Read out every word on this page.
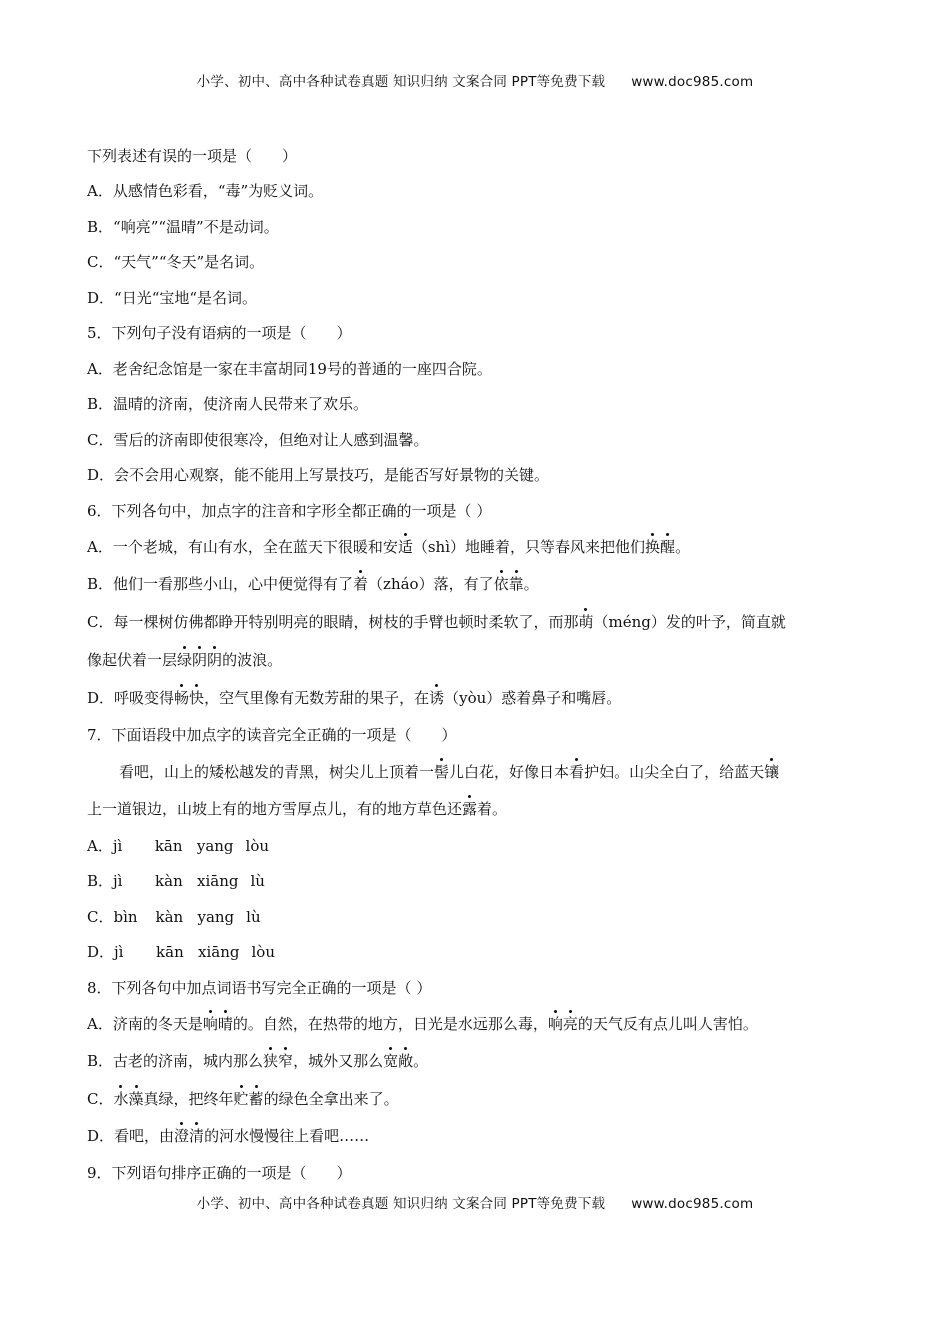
小学、初中、高中各种试卷真题 知识归纳 文案合同 PPT等免费下载 www.doc985.com
下列表述有误的一项是（　　）
A．从感情色彩看，“毒”为贬义词。
B．“响亮”“温晴”不是动词。
C．“天气”“冬天”是名词。
D．“日光“宝地“是名词。
5．下列句子没有语病的一项是（　　）
A．老舍纪念馆是一家在丰富胡同19号的普通的一座四合院。
B．温晴的济南，使济南人民带来了欢乐。
C．雪后的济南即使很寒冷，但绝对让人感到温馨。
D．会不会用心观察，能不能用上写景技巧，是能否写好景物的关键。
6．下列各句中，加点字的注音和字形全都正确的一项是（ ）
A．一个老城，有山有水，全在蓝天下很暖和安适（shì）地睡着，只等春风来把他们换醒。
B．他们一看那些小山，心中便觉得有了着（zháo）落，有了依靠。
C．每一棵树仿佛都睁开特别明亮的眼睛，树枝的手臂也顿时柔软了，而那萌（méng）发的叶予，简直就
像起伏着一层绿阴阴的波浪。
D．呼吸变得畅快，空气里像有无数芳甜的果子，在诱（yòu）惑着鼻子和嘴唇。
7．下面语段中加点字的读音完全正确的一项是（　　）
看吧，山上的矮松越发的青黑，树尖儿上顶着一髻儿白花，好像日本看护妇。山尖全白了，给蓝天镶
上一道银边，山坡上有的地方雪厚点儿，有的地方草色还露着。
A．jì kān yang lòu
B．jì kàn xiāng lù
C．bìn kàn yang lù
D．jì kān xiāng lòu
8．下列各句中加点词语书写完全正确的一项是（ ）
A．济南的冬天是响晴的。自然，在热带的地方，日光是水远那么毒，响亮的天气反有点儿叫人害怕。
B．古老的济南，城内那么狭窄，城外又那么宽敞。
C．水藻真绿，把终年贮蓄的绿色全拿出来了。
D．看吧，由澄清的河水慢慢往上看吧……
9．下列语句排序正确的一项是（　　）
小学、初中、高中各种试卷真题 知识归纳 文案合同 PPT等免费下载 www.doc985.com
